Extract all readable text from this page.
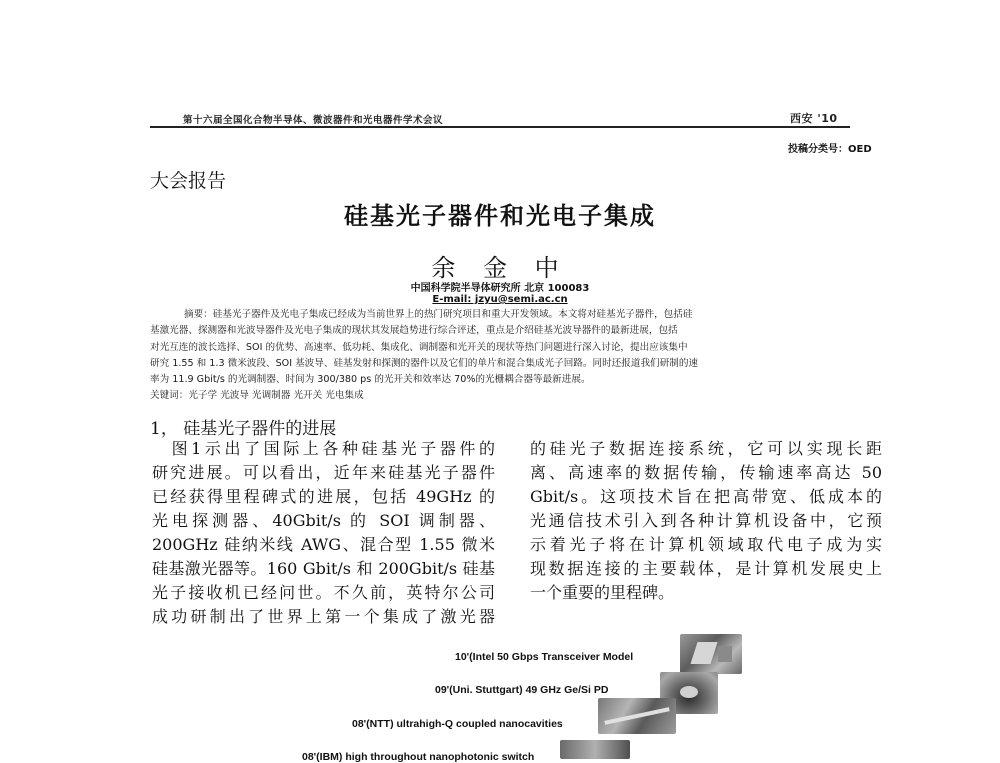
第十六届全国化合物半导体、微波器件和光电器件学术会议	西安 '10
投稿分类号：OED
大会报告
硅基光子器件和光电子集成
余 金 中
中国科学院半导体研究所 北京 100083
E-mail: jzyu@semi.ac.cn
摘要：硅基光子器件及光电子集成已经成为当前世界上的热门研究项目和重大开发领域。本文将对硅基光子器件，包括硅
基激光器、探测器和光波导器件及光电子集成的现状其发展趋势进行综合评述，重点是介绍硅基光波导器件的最新进展，包括
对光互连的波长选择、SOI 的优势、高速率、低功耗、集成化、调制器和光开关的现状等热门问题进行深入讨论，提出应该集中
研究 1.55 和 1.3 微米波段、SOI 基波导、硅基发射和探测的器件以及它们的单片和混合集成光子回路。同时还报道我们研制的速
率为 11.9 Gbit/s 的光调制器、时间为 300/380 ps 的光开关和效率达 70%的光栅耦合器等最新进展。
关键词：光子学 光波导 光调制器 光开关 光电集成
1， 硅基光子器件的进展
　图1示出了国际上各种硅基光子器件的
研究进展。可以看出，近年来硅基光子器件
已经获得里程碑式的进展，包括 49GHz 的
光电探测器、40Gbit/s 的 SOI 调制器、
200GHz 硅纳米线 AWG、混合型 1.55 微米
硅基激光器等。160 Gbit/s 和 200Gbit/s 硅基
光子接收机已经问世。不久前，英特尔公司
成功研制出了世界上第一个集成了激光器
的硅光子数据连接系统，它可以实现长距
离、高速率的数据传输，传输速率高达 50
Gbit/s。这项技术旨在把高带宽、低成本的
光通信技术引入到各种计算机设备中，它预
示着光子将在计算机领域取代电子成为实
现数据连接的主要载体，是计算机发展史上
一个重要的里程碑。
10'(Intel 50 Gbps Transceiver Model
09'(Uni. Stuttgart) 49 GHz Ge/Si PD
08'(NTT) ultrahigh-Q coupled nanocavities
08'(IBM) high throughout nanophotonic switch
